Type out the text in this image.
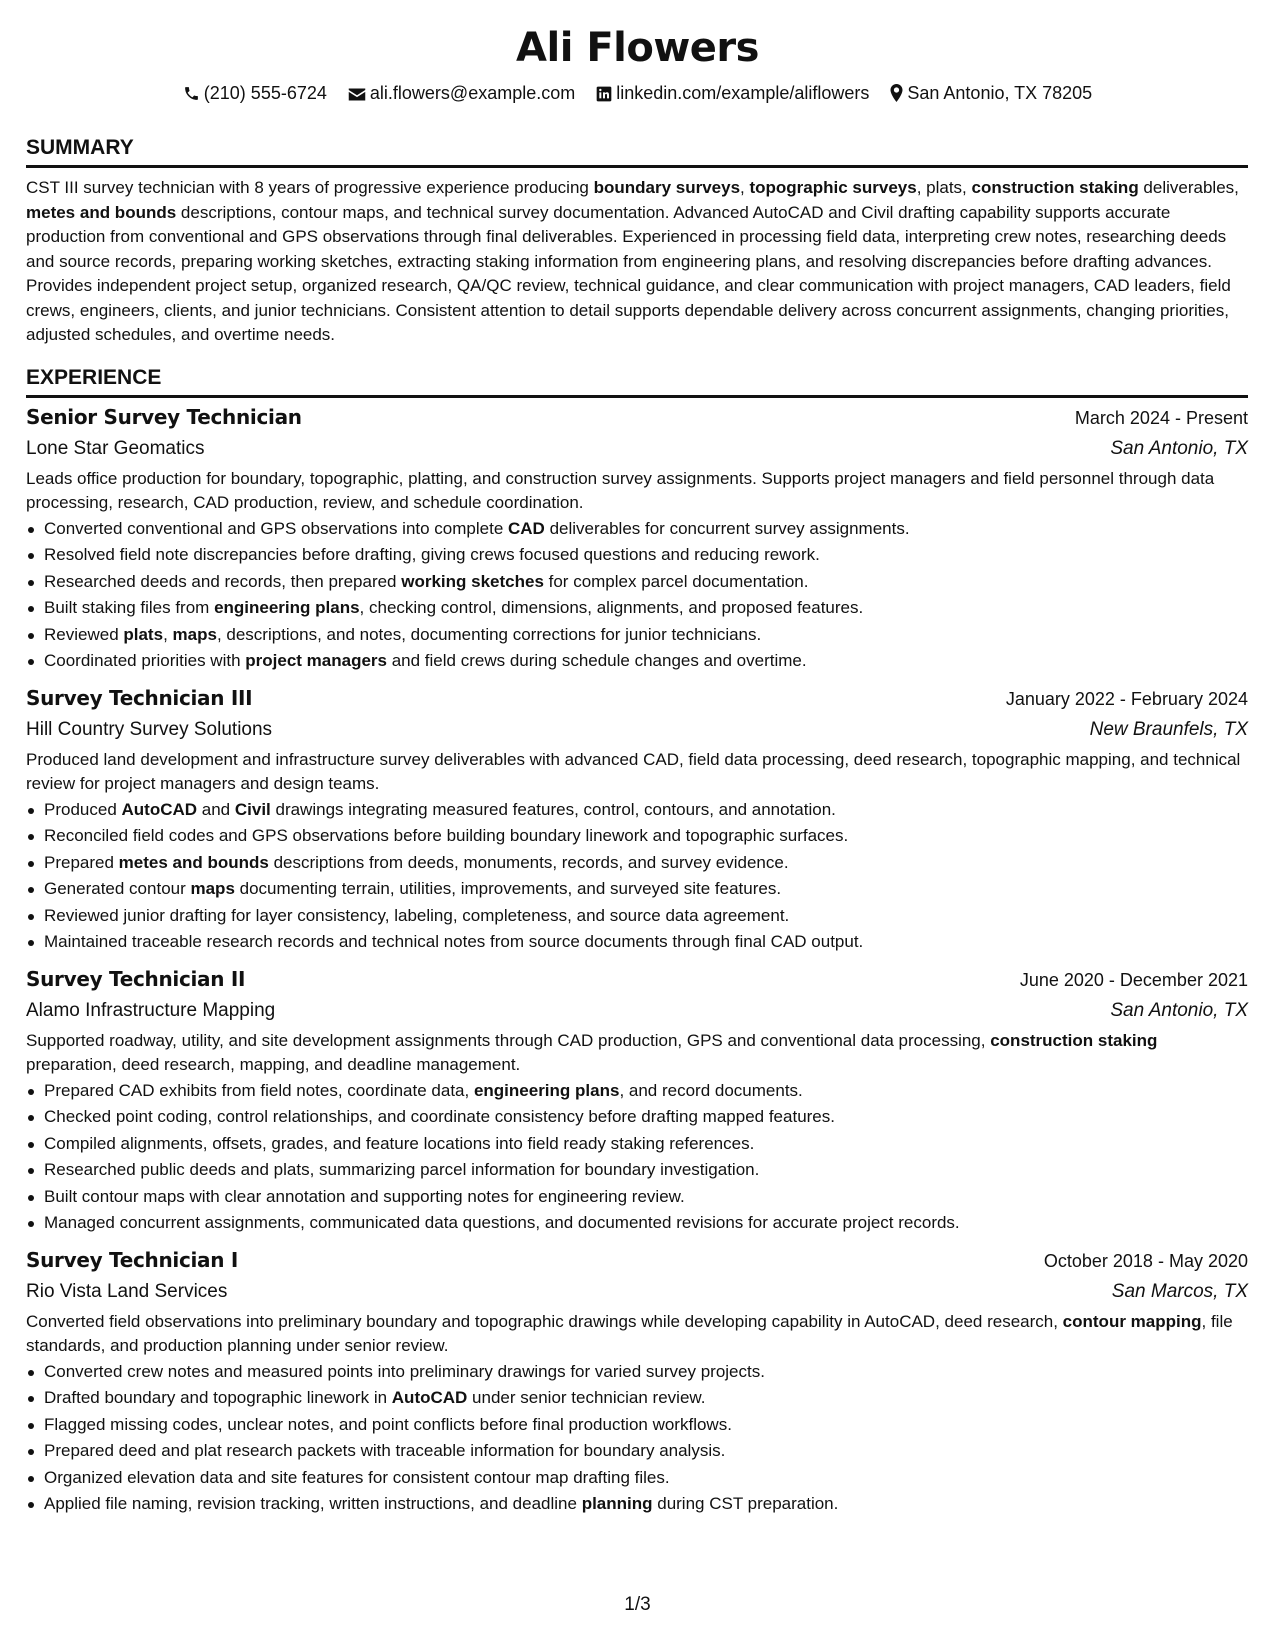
Ali Flowers
(210) 555-6724 ali.flowers@example.com linkedin.com/example/aliflowers San Antonio, TX 78205
SUMMARY

CST III survey technician with 8 years of progressive experience producing boundary surveys, topographic surveys, plats, construction staking deliverables, metes and bounds descriptions, contour maps, and technical survey documentation. Advanced AutoCAD and Civil drafting capability supports accurate production from conventional and GPS observations through final deliverables. Experienced in processing field data, interpreting crew notes, researching deeds and source records, preparing working sketches, extracting staking information from engineering plans, and resolving discrepancies before drafting advances. Provides independent project setup, organized research, QA/QC review, technical guidance, and clear communication with project managers, CAD leaders, field crews, engineers, clients, and junior technicians. Consistent attention to detail supports dependable delivery across concurrent assignments, changing priorities, adjusted schedules, and overtime needs.

EXPERIENCE
Senior Survey Technician	March 2024 - Present
Lone Star Geomatics	San Antonio, TX

Leads office production for boundary, topographic, platting, and construction survey assignments. Supports project managers and field personnel through data processing, research, CAD production, review, and schedule coordination.

Converted conventional and GPS observations into complete CAD deliverables for concurrent survey assignments.
Resolved field note discrepancies before drafting, giving crews focused questions and reducing rework.
Researched deeds and records, then prepared working sketches for complex parcel documentation.
Built staking files from engineering plans, checking control, dimensions, alignments, and proposed features.
Reviewed plats, maps, descriptions, and notes, documenting corrections for junior technicians.
Coordinated priorities with project managers and field crews during schedule changes and overtime.
Survey Technician III	January 2022 - February 2024
Hill Country Survey Solutions	New Braunfels, TX

Produced land development and infrastructure survey deliverables with advanced CAD, field data processing, deed research, topographic mapping, and technical review for project managers and design teams.

Produced AutoCAD and Civil drawings integrating measured features, control, contours, and annotation.
Reconciled field codes and GPS observations before building boundary linework and topographic surfaces.
Prepared metes and bounds descriptions from deeds, monuments, records, and survey evidence.
Generated contour maps documenting terrain, utilities, improvements, and surveyed site features.
Reviewed junior drafting for layer consistency, labeling, completeness, and source data agreement.
Maintained traceable research records and technical notes from source documents through final CAD output.
Survey Technician II	June 2020 - December 2021
Alamo Infrastructure Mapping	San Antonio, TX

Supported roadway, utility, and site development assignments through CAD production, GPS and conventional data processing, construction staking preparation, deed research, mapping, and deadline management.

Prepared CAD exhibits from field notes, coordinate data, engineering plans, and record documents.
Checked point coding, control relationships, and coordinate consistency before drafting mapped features.
Compiled alignments, offsets, grades, and feature locations into field ready staking references.
Researched public deeds and plats, summarizing parcel information for boundary investigation.
Built contour maps with clear annotation and supporting notes for engineering review.
Managed concurrent assignments, communicated data questions, and documented revisions for accurate project records.
Survey Technician I	October 2018 - May 2020
Rio Vista Land Services	San Marcos, TX

Converted field observations into preliminary boundary and topographic drawings while developing capability in AutoCAD, deed research, contour mapping, file standards, and production planning under senior review.

Converted crew notes and measured points into preliminary drawings for varied survey projects.
Drafted boundary and topographic linework in AutoCAD under senior technician review.
Flagged missing codes, unclear notes, and point conflicts before final production workflows.
Prepared deed and plat research packets with traceable information for boundary analysis.
Organized elevation data and site features for consistent contour map drafting files.
Applied file naming, revision tracking, written instructions, and deadline planning during CST preparation.
1/3
